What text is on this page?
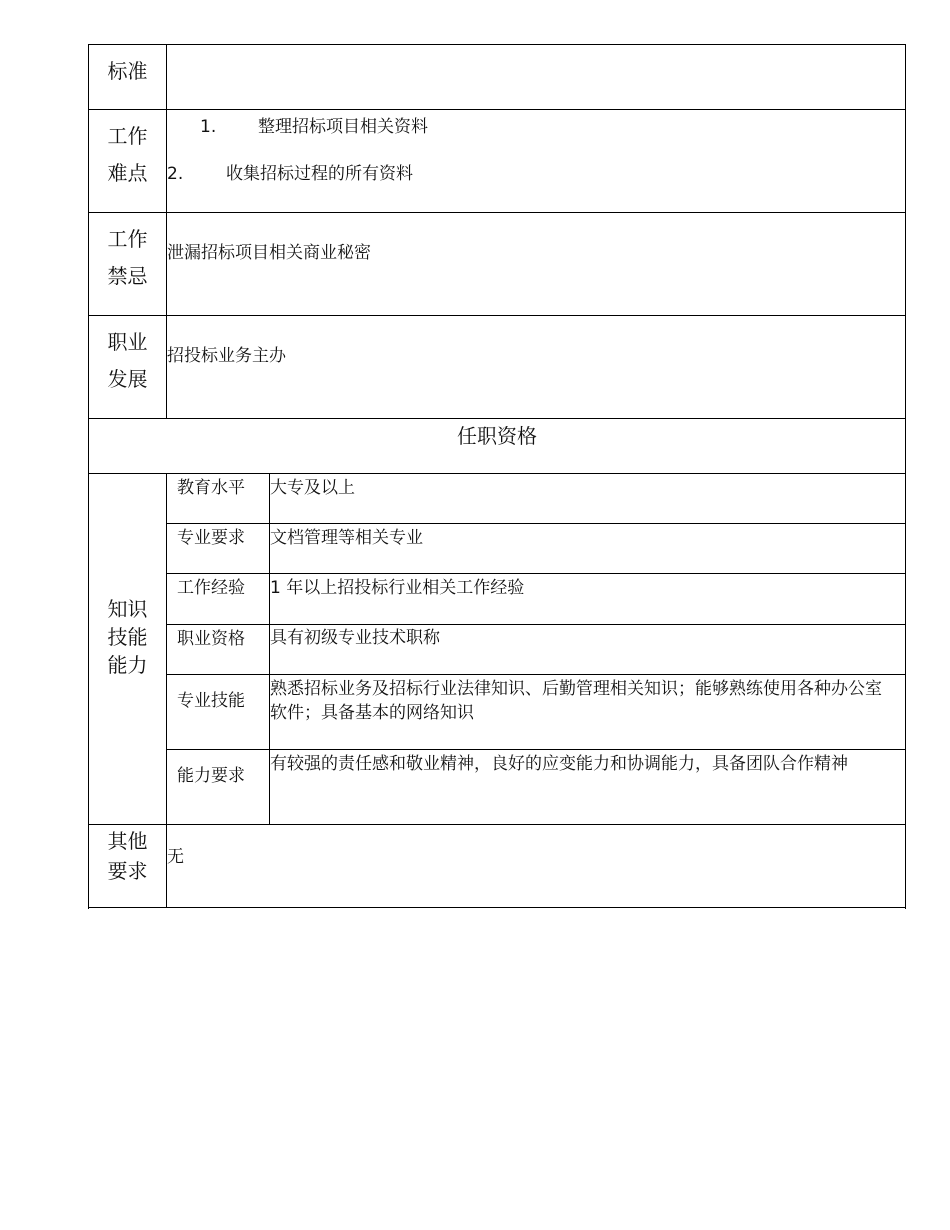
标准
工作
难点
1. 整理招标项目相关资料
2.	收集招标过程的所有资料
工作
禁忌
泄漏招标项目相关商业秘密
职业
发展
招投标业务主办
任职资格
知识
技能
能力
教育水平 大专及以上
专业要求 文档管理等相关专业
工作经验 1 年以上招投标行业相关工作经验
职业资格 具有初级专业技术职称
专业技能
熟悉招标业务及招标行业法律知识、后勤管理相关知识；能够熟练使用各种办公室软件；具备基本的网络知识
能力要求
有较强的责任感和敬业精神，良好的应变能力和协调能力，具备团队合作精神
其他
要求
无
